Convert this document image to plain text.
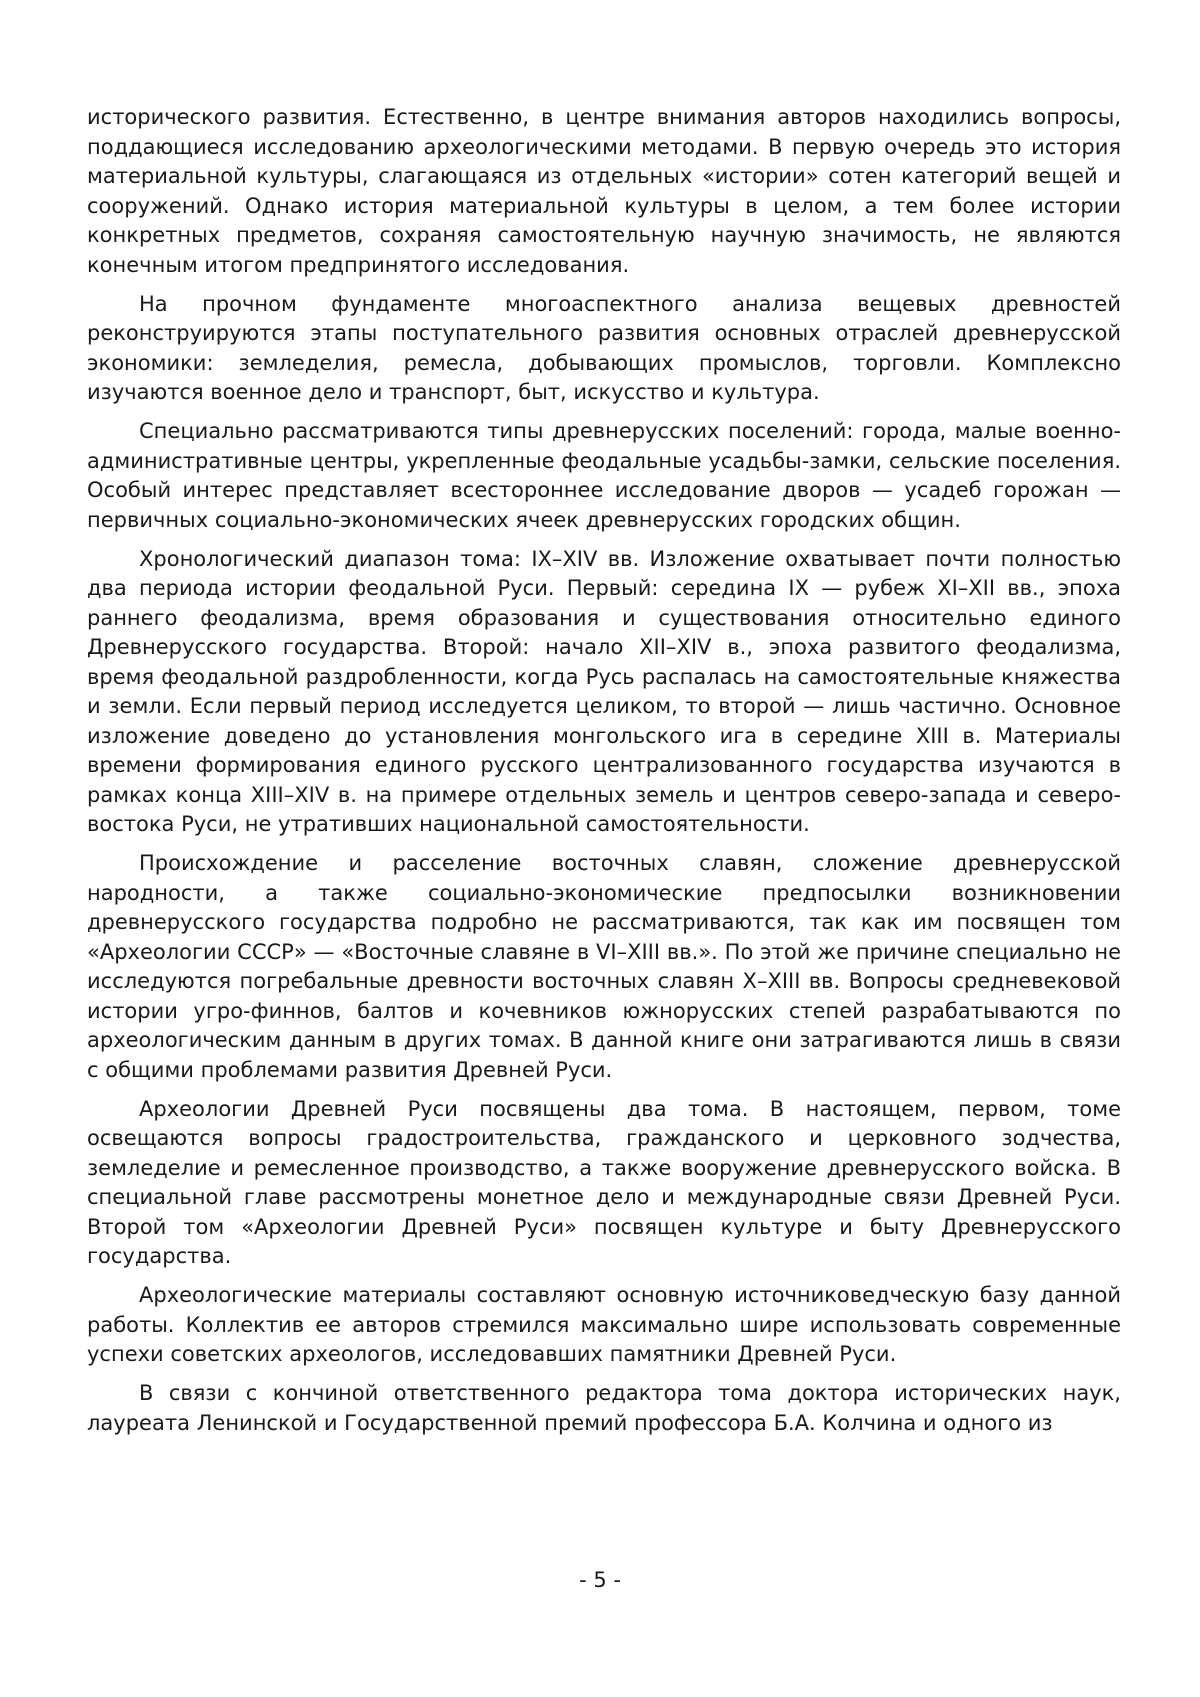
исторического развития. Естественно, в центре внимания авторов находились вопросы, поддающиеся исследованию археологическими методами. В первую очередь это история материальной культуры, слагающаяся из отдельных «истории» сотен категорий вещей и сооружений. Однако история материальной культуры в целом, а тем более истории конкретных предметов, сохраняя самостоятельную научную значимость, не являются конечным итогом предпринятого исследования.

На прочном фундаменте многоаспектного анализа вещевых древностей реконструируются этапы поступательного развития основных отраслей древнерусской экономики: земледелия, ремесла, добывающих промыслов, торговли. Комплексно изучаются военное дело и транспорт, быт, искусство и культура.

Специально рассматриваются типы древнерусских поселений: города, малые военно-административные центры, укрепленные феодальные усадьбы-замки, сельские поселения. Особый интерес представляет всестороннее исследование дворов — усадеб горожан — первичных социально-экономических ячеек древнерусских городских общин.

Хронологический диапазон тома: IX–XIV вв. Изложение охватывает почти полностью два периода истории феодальной Руси. Первый: середина IX — рубеж XI–XII вв., эпоха раннего феодализма, время образования и существования относительно единого Древнерусского государства. Второй: начало XII–XIV в., эпоха развитого феодализма, время феодальной раздробленности, когда Русь распалась на самостоятельные княжества и земли. Если первый период исследуется целиком, то второй — лишь частично. Основное изложение доведено до установления монгольского ига в середине XIII в. Материалы времени формирования единого русского централизованного государства изучаются в рамках конца XIII–XIV в. на примере отдельных земель и центров северо-запада и северо-востока Руси, не утративших национальной самостоятельности.

Происхождение и расселение восточных славян, сложение древнерусской народности, а также социально-экономические предпосылки возникновении древнерусского государства подробно не рассматриваются, так как им посвящен том «Археологии СССР» — «Восточные славяне в VI–XIII вв.». По этой же причине специально не исследуются погребальные древности восточных славян X–XIII вв. Вопросы средневековой истории угро-финнов, балтов и кочевников южнорусских степей разрабатываются по археологическим данным в других томах. В данной книге они затрагиваются лишь в связи с общими проблемами развития Древней Руси.

Археологии Древней Руси посвящены два тома. В настоящем, первом, томе освещаются вопросы градостроительства, гражданского и церковного зодчества, земледелие и ремесленное производство, а также вооружение древнерусского войска. В специальной главе рассмотрены монетное дело и международные связи Древней Руси. Второй том «Археологии Древней Руси» посвящен культуре и быту Древнерусского государства.

Археологические материалы составляют основную источниковедческую базу данной работы. Коллектив ее авторов стремился максимально шире использовать современные успехи советских археологов, исследовавших памятники Древней Руси.

В связи с кончиной ответственного редактора тома доктора исторических наук, лауреата Ленинской и Государственной премий профессора Б.А. Колчина и одного из

- 5 -
